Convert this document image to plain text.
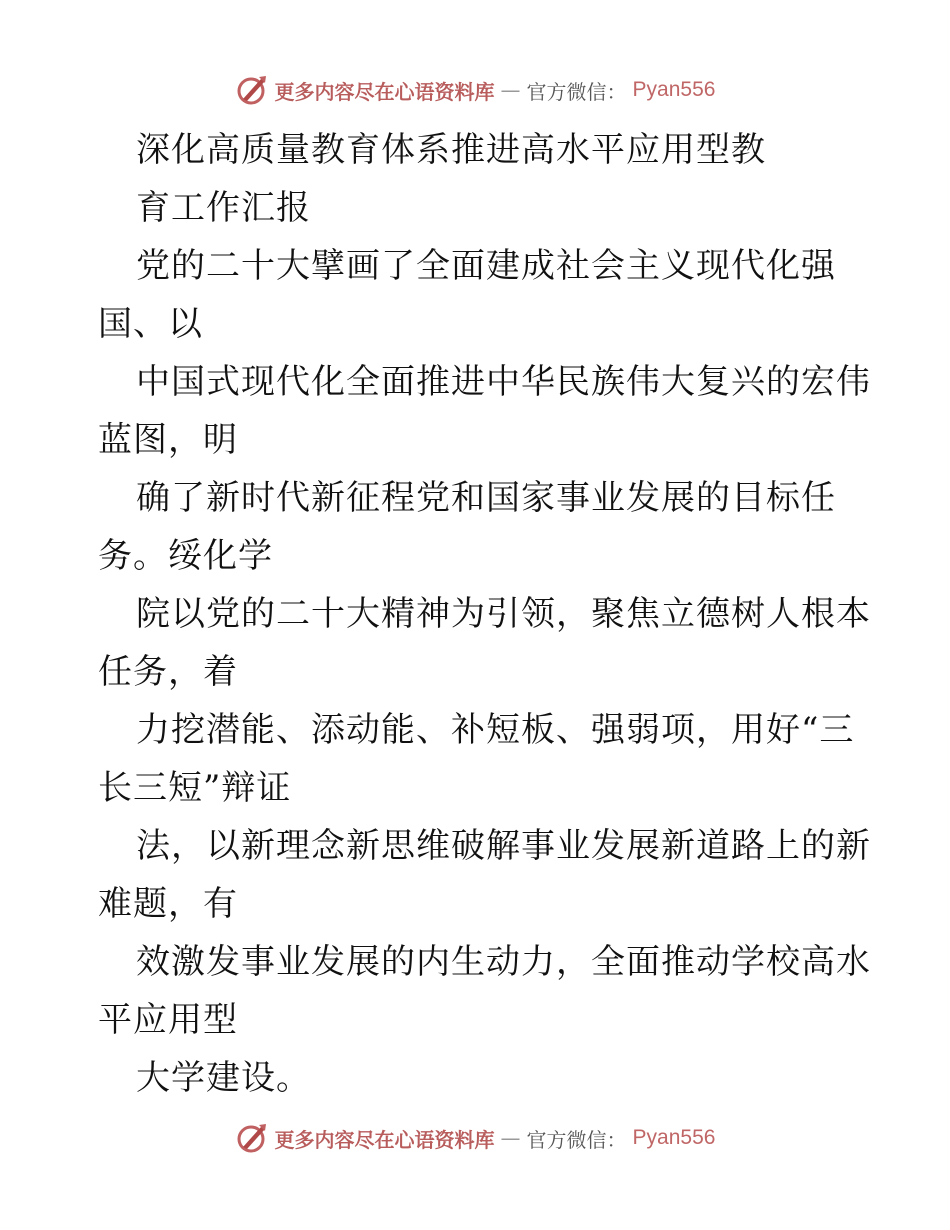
更多内容尽在心语资料库 — 官方微信： Pyan556
深化高质量教育体系推进高水平应用型教
育工作汇报
党的二十大擘画了全面建成社会主义现代化强
国、以
中国式现代化全面推进中华民族伟大复兴的宏伟
蓝图，明
确了新时代新征程党和国家事业发展的目标任
务。绥化学
院以党的二十大精神为引领，聚焦立德树人根本
任务，着
力挖潜能、添动能、补短板、强弱项，用好“三
长三短”辩证
法，以新理念新思维破解事业发展新道路上的新
难题，有
效激发事业发展的内生动力，全面推动学校高水
平应用型
大学建设。
更多内容尽在心语资料库 — 官方微信： Pyan556
